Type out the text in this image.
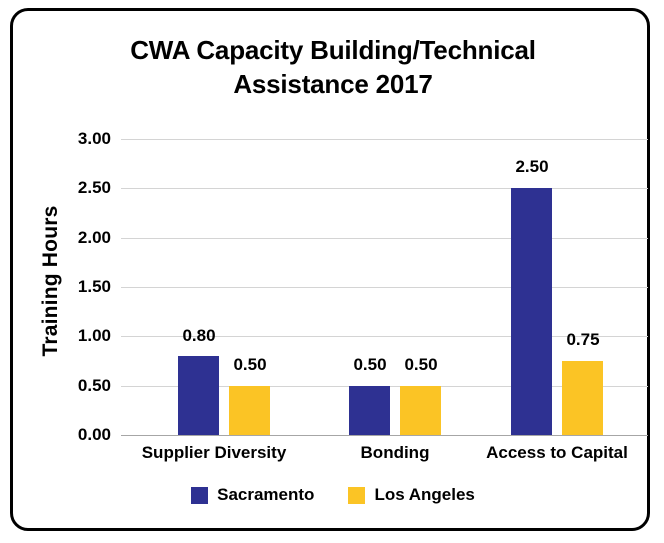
CWA Capacity Building/Technical
Assistance 2017
Training Hours
3.00
2.50
2.00
1.50
1.00
0.50
0.00
0.80
0.50
Supplier Diversity
0.50	0.50
Bonding
2.50
0.75
Access to Capital
Sacramento	Los Angeles
